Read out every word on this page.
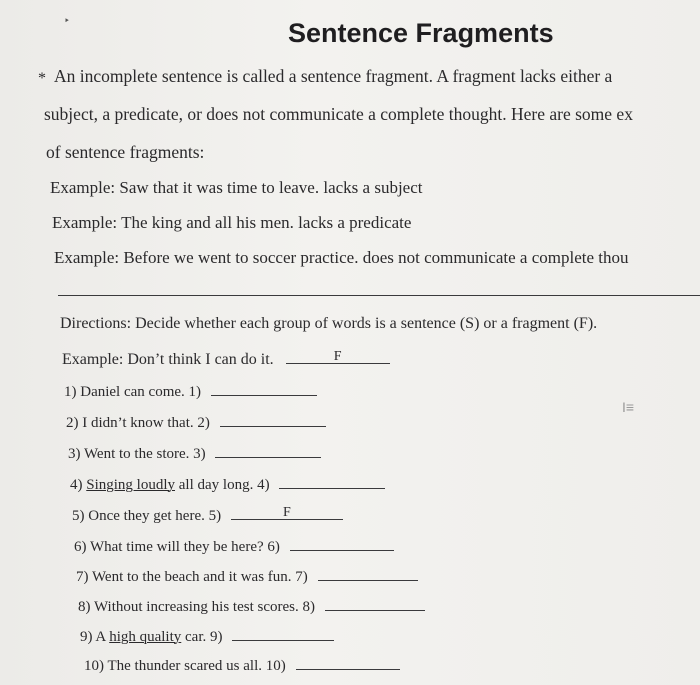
‣	Sentence Fragments
* An incomplete sentence is called a sentence fragment. A fragment lacks either a
subject, a predicate, or does not communicate a complete thought. Here are some ex
of sentence fragments:
Example: Saw that it was time to leave. lacks a subject
Example: The king and all his men. lacks a predicate
Example: Before we went to soccer practice. does not communicate a complete thou
Directions: Decide whether each group of words is a sentence (S) or a fragment (F).
Example: Don’t think I can do it.	F
1) Daniel can come. 1)
2) I didn’t know that. 2)
3) Went to the store. 3)
4) Singing loudly all day long. 4)
5) Once they get here. 5)	F
6) What time will they be here? 6)
7) Went to the beach and it was fun. 7)
8) Without increasing his test scores. 8)
9) A high quality car. 9)
10) The thunder scared us all. 10)
I≡
